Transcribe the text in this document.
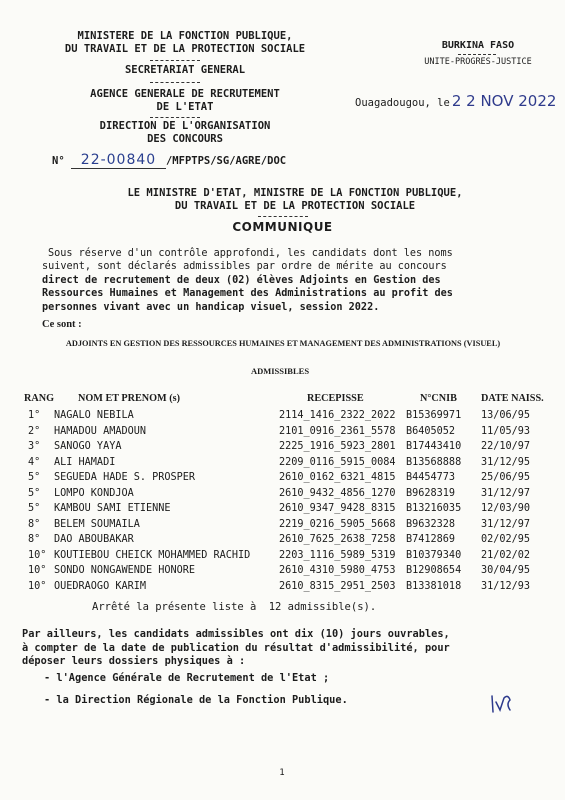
MINISTERE DE LA FONCTION PUBLIQUE,
DU TRAVAIL ET DE LA PROTECTION SOCIALE
SECRETARIAT GENERAL
AGENCE GENERALE DE RECRUTEMENT
DE L'ETAT
DIRECTION DE L'ORGANISATION
DES CONCOURS
N° 22-00840 /MFPTPS/SG/AGRE/DOC
BURKINA FASO
UNITE-PROGRES-JUSTICE
Ouagadougou, le 2 2 NOV 2022
LE MINISTRE D'ETAT, MINISTRE DE LA FONCTION PUBLIQUE,
DU TRAVAIL ET DE LA PROTECTION SOCIALE
COMMUNIQUE
Sous réserve d'un contrôle approfondi, les candidats dont les noms
suivent, sont déclarés admissibles par ordre de mérite au concours
direct de recrutement de deux (02) élèves Adjoints en Gestion des
Ressources Humaines et Management des Administrations au profit des
personnes vivant avec un handicap visuel, session 2022.
Ce sont :
ADJOINTS EN GESTION DES RESSOURCES HUMAINES ET MANAGEMENT DES ADMINISTRATIONS (VISUEL)
ADMISSIBLES
RANG	NOM ET PRENOM (s)	RECEPISSE	N°CNIB	DATE NAISS.
1°	NAGALO NEBILA	2114_1416_2322_2022	B15369971	13/06/95
2°	HAMADOU AMADOUN	2101_0916_2361_5578	B6405052	11/05/93
3°	SANOGO YAYA	2225_1916_5923_2801	B17443410	22/10/97
4°	ALI HAMADI	2209_0116_5915_0084	B13568888	31/12/95
5°	SEGUEDA HADE S. PROSPER	2610_0162_6321_4815	B4454773	25/06/95
5°	LOMPO KONDJOA	2610_9432_4856_1270	B9628319	31/12/97
5°	KAMBOU SAMI ETIENNE	2610_9347_9428_8315	B13216035	12/03/90
8°	BELEM SOUMAILA	2219_0216_5905_5668	B9632328	31/12/97
8°	DAO ABOUBAKAR	2610_7625_2638_7258	B7412869	02/02/95
10°	KOUTIEBOU CHEICK MOHAMMED RACHID	2203_1116_5989_5319	B10379340	21/02/02
10°	SONDO NONGAWENDE HONORE	2610_4310_5980_4753	B12908654	30/04/95
10°	OUEDRAOGO KARIM	2610_8315_2951_2503	B13381018	31/12/93
Arrêté la présente liste à 12 admissible(s).
Par ailleurs, les candidats admissibles ont dix (10) jours ouvrables,
à compter de la date de publication du résultat d'admissibilité, pour
déposer leurs dossiers physiques à :
- l'Agence Générale de Recrutement de l'Etat ;
- la Direction Régionale de la Fonction Publique.
1
